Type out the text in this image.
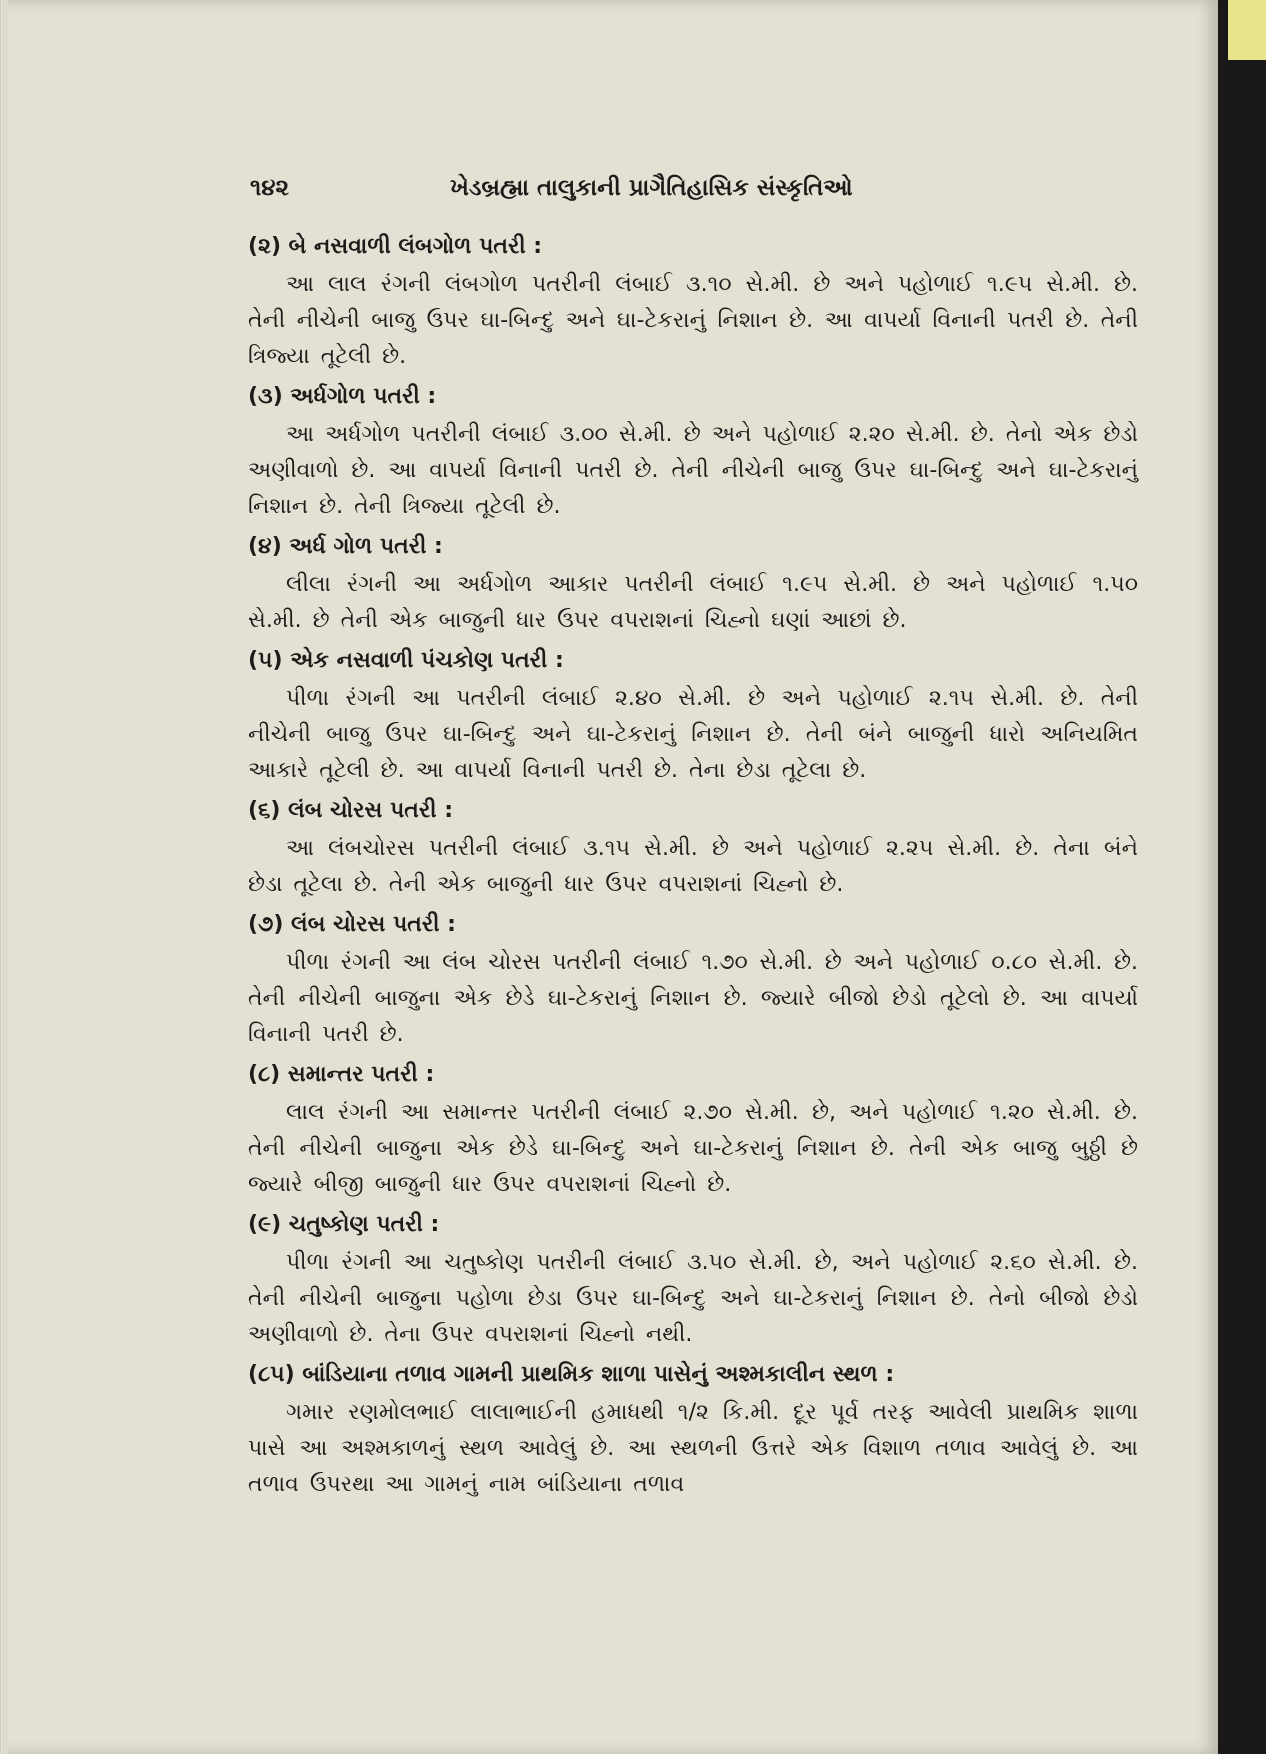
૧૪૨	ખેડબ્રહ્મા તાલુકાની પ્રાગૈતિહાસિક સંસ્કૃતિઓ
(૨) બે નસવાળી લંબગોળ પતરી :

આ લાલ રંગની લંબગોળ પતરીની લંબાઈ ૩.૧૦ સે.મી. છે અને પહોળાઈ ૧.૯૫ સે.મી. છે. તેની નીચેની બાજુ ઉપર ઘા-બિન્દુ અને ઘા-ટેકરાનું નિશાન છે. આ વાપર્યા વિનાની પતરી છે. તેની ત્રિજ્યા તૂટેલી છે.

(૩) અર્ધગોળ પતરી :

આ અર્ધગોળ પતરીની લંબાઈ ૩.૦૦ સે.મી. છે અને પહોળાઈ ૨.૨૦ સે.મી. છે. તેનો એક છેડો અણીવાળો છે. આ વાપર્યા વિનાની પતરી છે. તેની નીચેની બાજુ ઉપર ઘા-બિન્દુ અને ઘા-ટેકરાનું નિશાન છે. તેની ત્રિજ્યા તૂટેલી છે.

(૪) અર્ધ ગોળ પતરી :

લીલા રંગની આ અર્ધગોળ આકાર પતરીની લંબાઈ ૧.૯૫ સે.મી. છે અને પહોળાઈ ૧.૫૦ સે.મી. છે તેની એક બાજુની ધાર ઉપર વપરાશનાં ચિહ્નો ઘણાં આછાં છે.

(૫) એક નસવાળી પંચકોણ પતરી :

પીળા રંગની આ પતરીની લંબાઈ ૨.૪૦ સે.મી. છે અને પહોળાઈ ૨.૧૫ સે.મી. છે. તેની નીચેની બાજુ ઉપર ઘા-બિન્દુ અને ઘા-ટેકરાનું નિશાન છે. તેની બંને બાજુની ધારો અનિયમિત આકારે તૂટેલી છે. આ વાપર્યા વિનાની પતરી છે. તેના છેડા તૂટેલા છે.

(૬) લંબ ચોરસ પતરી :

આ લંબચોરસ પતરીની લંબાઈ ૩.૧૫ સે.મી. છે અને પહોળાઈ ૨.૨૫ સે.મી. છે. તેના બંને છેડા તૂટેલા છે. તેની એક બાજુની ધાર ઉપર વપરાશનાં ચિહ્નો છે.

(૭) લંબ ચોરસ પતરી :

પીળા રંગની આ લંબ ચોરસ પતરીની લંબાઈ ૧.૭૦ સે.મી. છે અને પહોળાઈ ૦.૮૦ સે.મી. છે. તેની નીચેની બાજુના એક છેડે ઘા-ટેકરાનું નિશાન છે. જ્યારે બીજો છેડો તૂટેલો છે. આ વાપર્યા વિનાની પતરી છે.

(૮) સમાન્તર પતરી :

લાલ રંગની આ સમાન્તર પતરીની લંબાઈ ૨.૭૦ સે.મી. છે, અને પહોળાઈ ૧.૨૦ સે.મી. છે. તેની નીચેની બાજુના એક છેડે ઘા-બિન્દુ અને ઘા-ટેકરાનું નિશાન છે. તેની એક બાજુ બુઠ્ઠી છે જ્યારે બીજી બાજુની ધાર ઉપર વપરાશનાં ચિહ્નો છે.

(૯) ચતુષ્કોણ પતરી :

પીળા રંગની આ ચતુષ્કોણ પતરીની લંબાઈ ૩.૫૦ સે.મી. છે, અને પહોળાઈ ૨.૬૦ સે.મી. છે. તેની નીચેની બાજુના પહોળા છેડા ઉપર ઘા-બિન્દુ અને ઘા-ટેકરાનું નિશાન છે. તેનો બીજો છેડો અણીવાળો છે. તેના ઉપર વપરાશનાં ચિહ્નો નથી.

(૮૫) બાંડિયાના તળાવ ગામની પ્રાથમિક શાળા પાસેનું અશ્મકાલીન સ્થળ :

ગમાર રણમોલભાઈ લાલાભાઈની હમાધથી ૧/૨ કિ.મી. દૂર પૂર્વ તરફ આવેલી પ્રાથમિક શાળા પાસે આ અશ્મકાળનું સ્થળ આવેલું છે. આ સ્થળની ઉત્તરે એક વિશાળ તળાવ આવેલું છે. આ તળાવ ઉપરથા આ ગામનું નામ બાંડિયાના તળાવ
